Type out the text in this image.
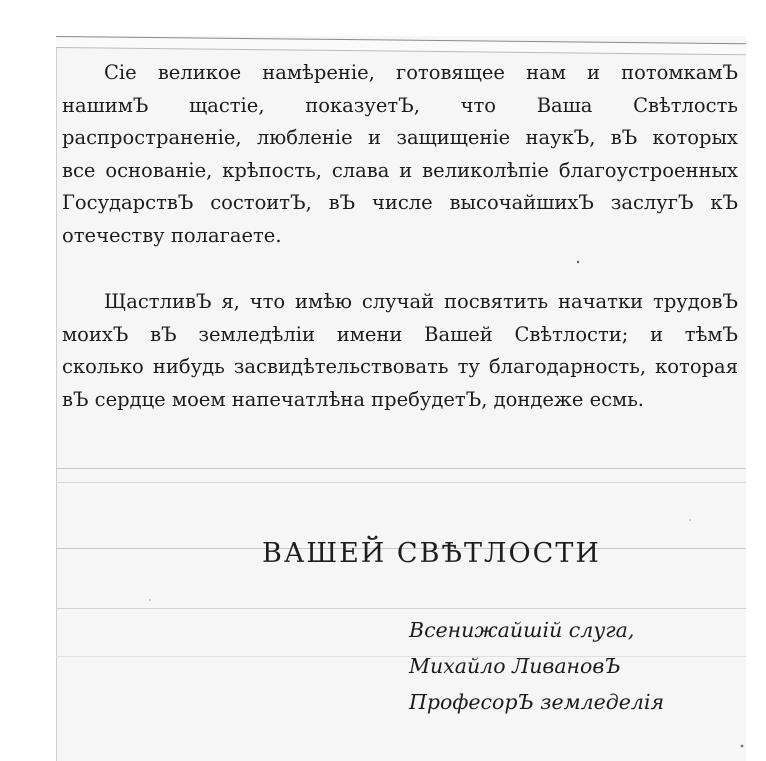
Сіе великое намѣреніе, готовящее нам и потомкамЪ
нашимЪ щастіе, показуетЪ, что Ваша Свѣтлость
распространеніе, любленіе и защищеніе наукЪ, вЪ которых
все основаніе, крѣпость, слава и великолѣпіе благоустроенных
ГосударствЪ состоитЪ, вЪ числе высочайшихЪ заслугЪ кЪ
отечеству полагаете.
ЩастливЪ я, что имѣю случай посвятить начатки трудовЪ
моихЪ вЪ земледѣліи имени Вашей Свѣтлости; и тѣмЪ
сколько нибудь засвидѣтельствовать ту благодарность, которая
вЪ сердце моем напечатлѣна пребудетЪ, дондеже есмь.
ВАШЕЙ СВѢТЛОСТИ
Всенижайшій слуга,
Михайло ЛивановЪ
ПрофесорЪ земледелія
